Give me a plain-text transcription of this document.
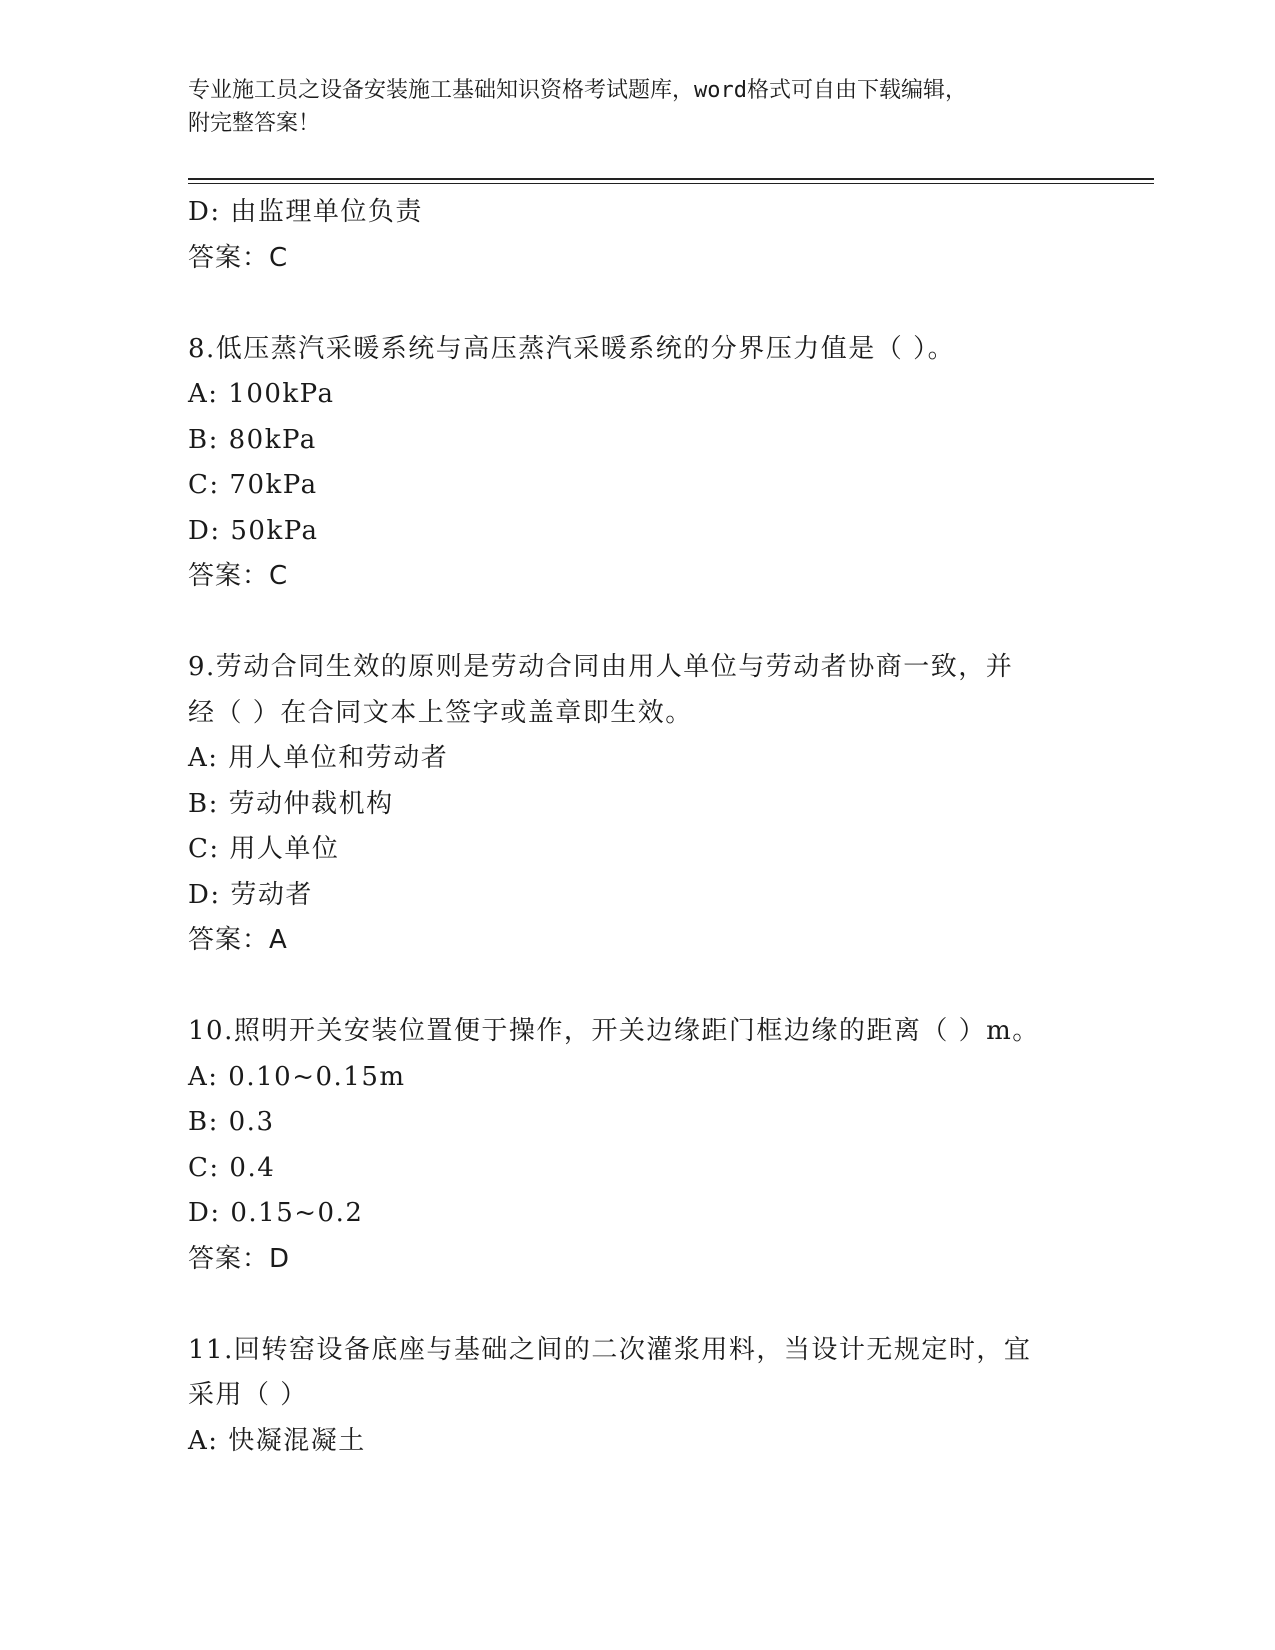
专业施工员之设备安装施工基础知识资格考试题库，word格式可自由下载编辑，
附完整答案！
D: 由监理单位负责
答案：C
8.低压蒸汽采暖系统与高压蒸汽采暖系统的分界压力值是（ ）。
A: 100kPa
B: 80kPa
C: 70kPa
D: 50kPa
答案：C
9.劳动合同生效的原则是劳动合同由用人单位与劳动者协商一致，并
经（ ）在合同文本上签字或盖章即生效。
A: 用人单位和劳动者
B: 劳动仲裁机构
C: 用人单位
D: 劳动者
答案：A
10.照明开关安装位置便于操作，开关边缘距门框边缘的距离（ ）m。
A: 0.10~0.15m
B: 0.3
C: 0.4
D: 0.15~0.2
答案：D
11.回转窑设备底座与基础之间的二次灌浆用料，当设计无规定时，宜
采用（ ）
A: 快凝混凝土
